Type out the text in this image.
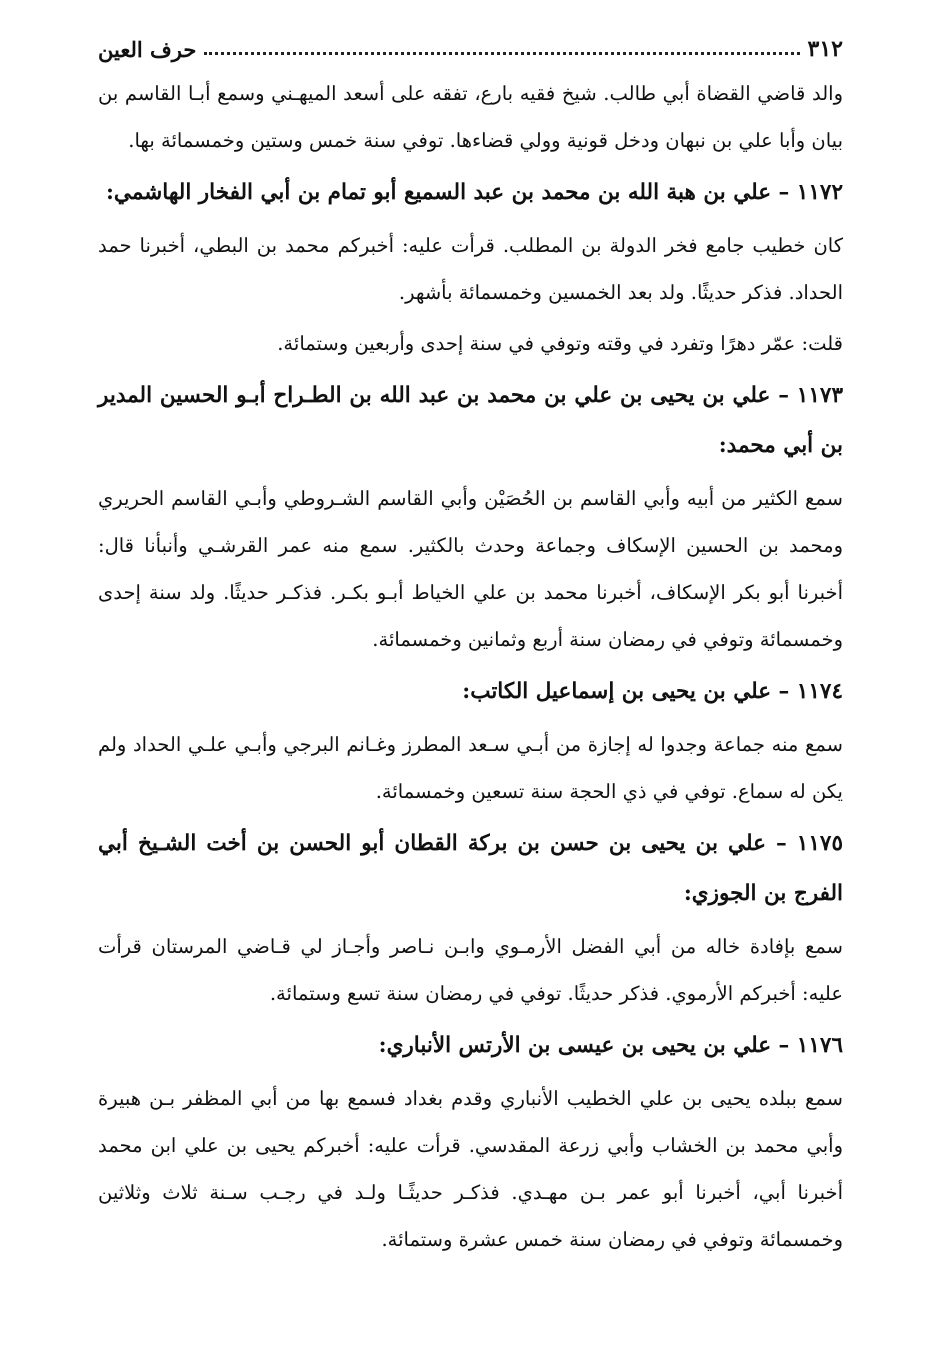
٣١٢
حرف العين

والد قاضي القضاة أبي طالب. شيخ فقيه بارع، تفقه على أسعد الميهـني وسمع أبـا القاسم بن بيان وأبا علي بن نبهان ودخل قونية وولي قضاءها. توفي سنة خمس وستين وخمسمائة بها.

١١٧٢ – علي بن هبة الله بن محمد بن عبد السميع أبو تمام بن أبي الفخار الهاشمي:

كان خطيب جامع فخر الدولة بن المطلب. قرأت عليه: أخبركم محمد بن البطي، أخبرنا حمد الحداد. فذكر حديثًا. ولد بعد الخمسين وخمسمائة بأشهر.

قلت: عمّر دهرًا وتفرد في وقته وتوفي في سنة إحدى وأربعين وستمائة.

١١٧٣ – علي بن يحيى بن علي بن محمد بن عبد الله بن الطـراح أبـو الحسين المدير بن أبي محمد:

سمع الكثير من أبيه وأبي القاسم بن الحُصَيْن وأبي القاسم الشـروطي وأبـي القاسم الحريري ومحمد بن الحسين الإسكاف وجماعة وحدث بالكثير. سمع منه عمر القرشـي وأنبأنا قال: أخبرنا أبو بكر الإسكاف، أخبرنا محمد بن علي الخياط أبـو بكـر. فذكـر حديثًا. ولد سنة إحدى وخمسمائة وتوفي في رمضان سنة أربع وثمانين وخمسمائة.

١١٧٤ – علي بن يحيى بن إسماعيل الكاتب:

سمع منه جماعة وجدوا له إجازة من أبـي سـعد المطرز وغـانم البرجي وأبـي علـي الحداد ولم يكن له سماع. توفي في ذي الحجة سنة تسعين وخمسمائة.

١١٧٥ – علي بن يحيى بن حسن بن بركة القطان أبو الحسن بن أخت الشـيخ أبي الفرج بن الجوزي:

سمع بإفادة خاله من أبي الفضل الأرمـوي وابـن نـاصر وأجـاز لي قـاضي المرستان قرأت عليه: أخبركم الأرموي. فذكر حديثًا. توفي في رمضان سنة تسع وستمائة.

١١٧٦ – علي بن يحيى بن عيسى بن الأرتس الأنباري:

سمع ببلده يحيى بن علي الخطيب الأنباري وقدم بغداد فسمع بها من أبي المظفر بـن هبيرة وأبي محمد بن الخشاب وأبي زرعة المقدسي. قرأت عليه: أخبركم يحيى بن علي ابن محمد أخبرنا أبي، أخبرنا أبو عمر بـن مهـدي. فذكـر حديثًـا ولـد في رجـب سـنة ثلاث وثلاثين وخمسمائة وتوفي في رمضان سنة خمس عشرة وستمائة.
